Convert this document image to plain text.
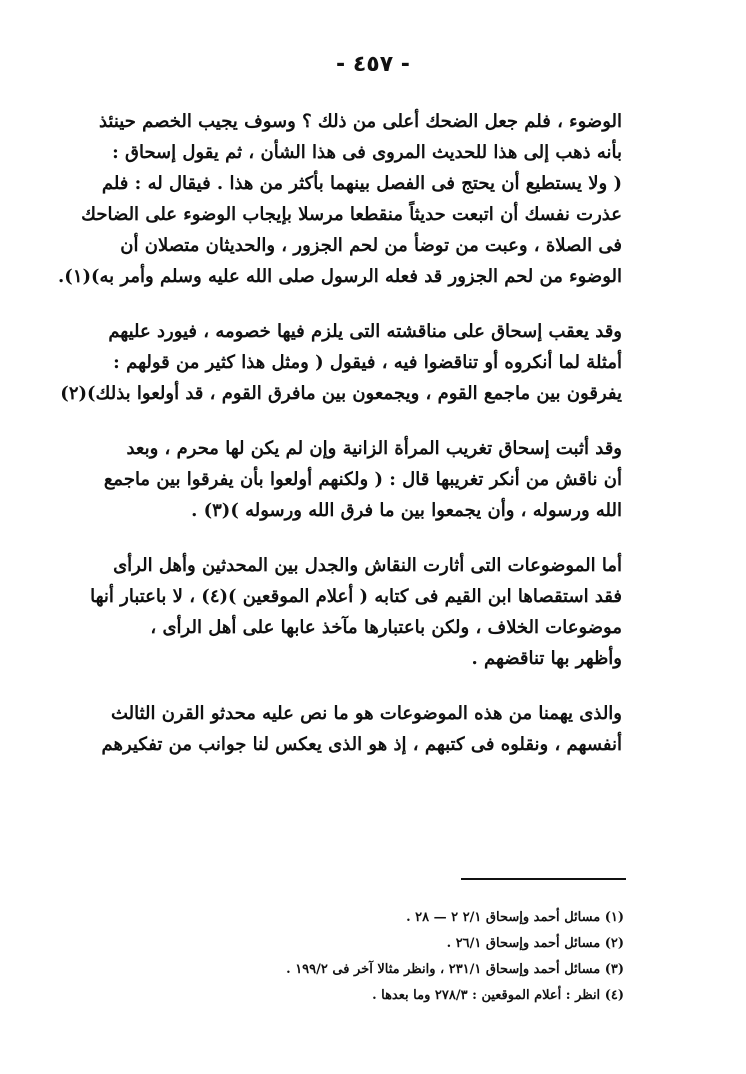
- ٤٥٧ -
الوضوء ، فلم جعل الضحك أعلى من ذلك ؟ وسوف يجيب الخصم حينئذ
بأنه ذهب إلى هذا للحديث المروى فى هذا الشأن ، ثم يقول إسحاق :
( ولا يستطيع أن يحتج فى الفصل بينهما بأكثر من هذا . فيقال له : فلم
عذرت نفسك أن اتبعت حديثاً منقطعا مرسلا بإيجاب الوضوء على الضاحك
فى الصلاة ، وعبت من توضأ من لحم الجزور ، والحديثان متصلان أن
الوضوء من لحم الجزور قد فعله الرسول صلى الله عليه وسلم وأمر به)(١).
وقد يعقب إسحاق على مناقشته التى يلزم فيها خصومه ، فيورد عليهم
أمثلة لما أنكروه أو تناقضوا فيه ، فيقول ( ومثل هذا كثير من قولهم :
يفرقون بين ماجمع القوم ، ويجمعون بين مافرق القوم ، قد أولعوا بذلك)(٢)
وقد أثبت إسحاق تغريب المرأة الزانية وإن لم يكن لها محرم ، وبعد
أن ناقش من أنكر تغريبها قال : ( ولكنهم أولعوا بأن يفرقوا بين ماجمع
الله ورسوله ، وأن يجمعوا بين ما فرق الله ورسوله )(٣) .
أما الموضوعات التى أثارت النقاش والجدل بين المحدثين وأهل الرأى
فقد استقصاها ابن القيم فى كتابه ( أعلام الموقعين )(٤) ، لا باعتبار أنها
موضوعات الخلاف ، ولكن باعتبارها مآخذ عابها على أهل الرأى ،
وأظهر بها تناقضهم .
والذى يهمنا من هذه الموضوعات هو ما نص عليه محدثو القرن الثالث
أنفسهم ، ونقلوه فى كتبهم ، إذ هو الذى يعكس لنا جوانب من تفكيرهم
(١) مسائل أحمد وإسحاق ٢/١ ٢ — ٢٨ .
(٢) مسائل أحمد وإسحاق ٢٦/١ .
(٣) مسائل أحمد وإسحاق ٢٣١/١ ، وانظر مثالا آخر فى ١٩٩/٢ .
(٤) انظر : أعلام الموقعين : ٢٧٨/٣ وما بعدها .
